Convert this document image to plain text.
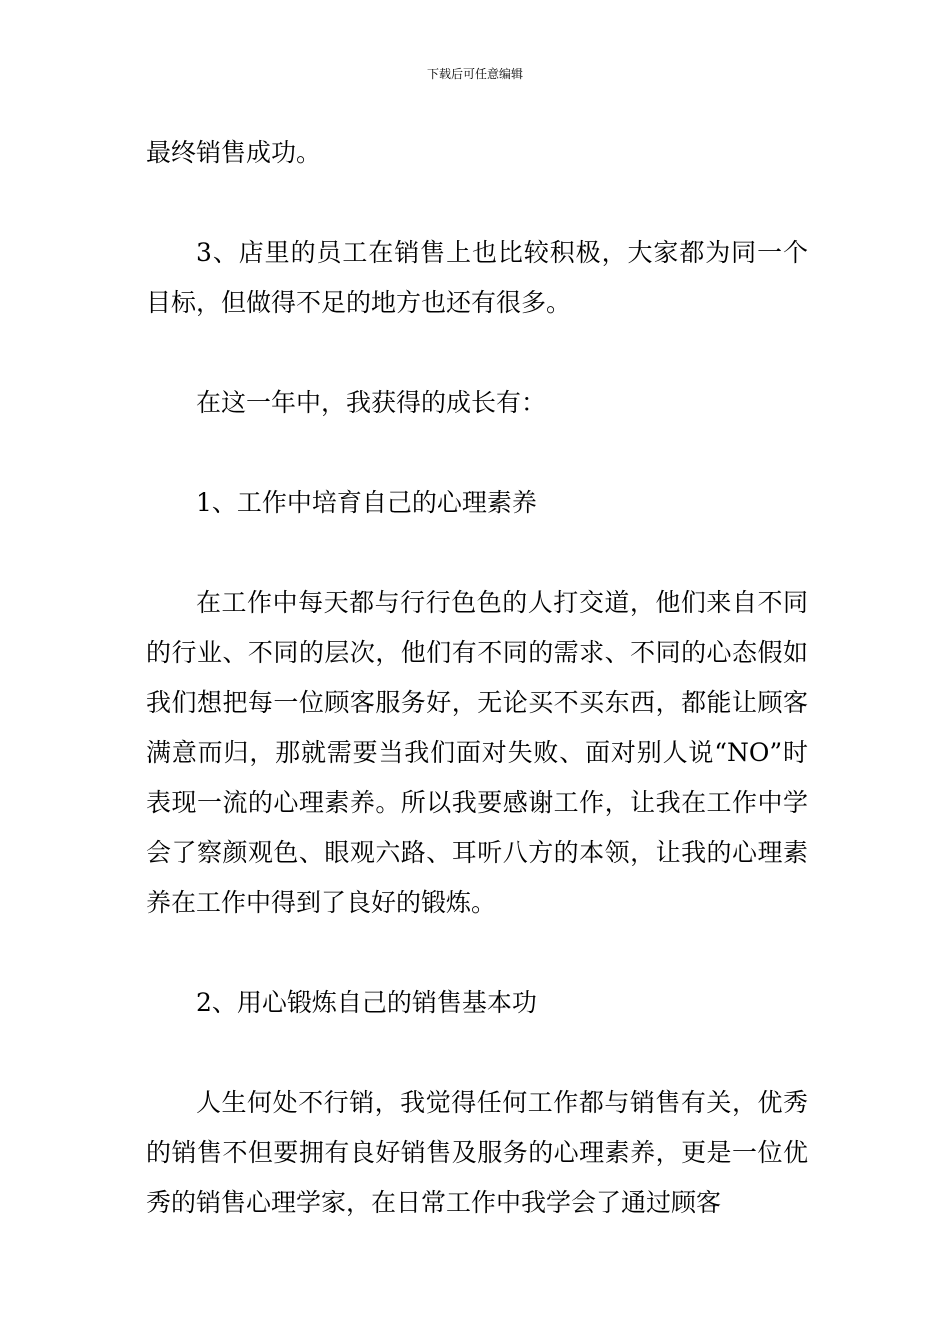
下载后可任意编辑

最终销售成功。

3、店里的员工在销售上也比较积极，大家都为同一个目标，但做得不足的地方也还有很多。

在这一年中，我获得的成长有：

1、工作中培育自己的心理素养

在工作中每天都与行行色色的人打交道，他们来自不同的行业、不同的层次，他们有不同的需求、不同的心态假如我们想把每一位顾客服务好，无论买不买东西，都能让顾客满意而归，那就需要当我们面对失败、面对别人说“NO”时表现一流的心理素养。所以我要感谢工作，让我在工作中学会了察颜观色、眼观六路、耳听八方的本领，让我的心理素养在工作中得到了良好的锻炼。

2、用心锻炼自己的销售基本功

人生何处不行销，我觉得任何工作都与销售有关，优秀的销售不但要拥有良好销售及服务的心理素养，更是一位优秀的销售心理学家，在日常工作中我学会了通过顾客
